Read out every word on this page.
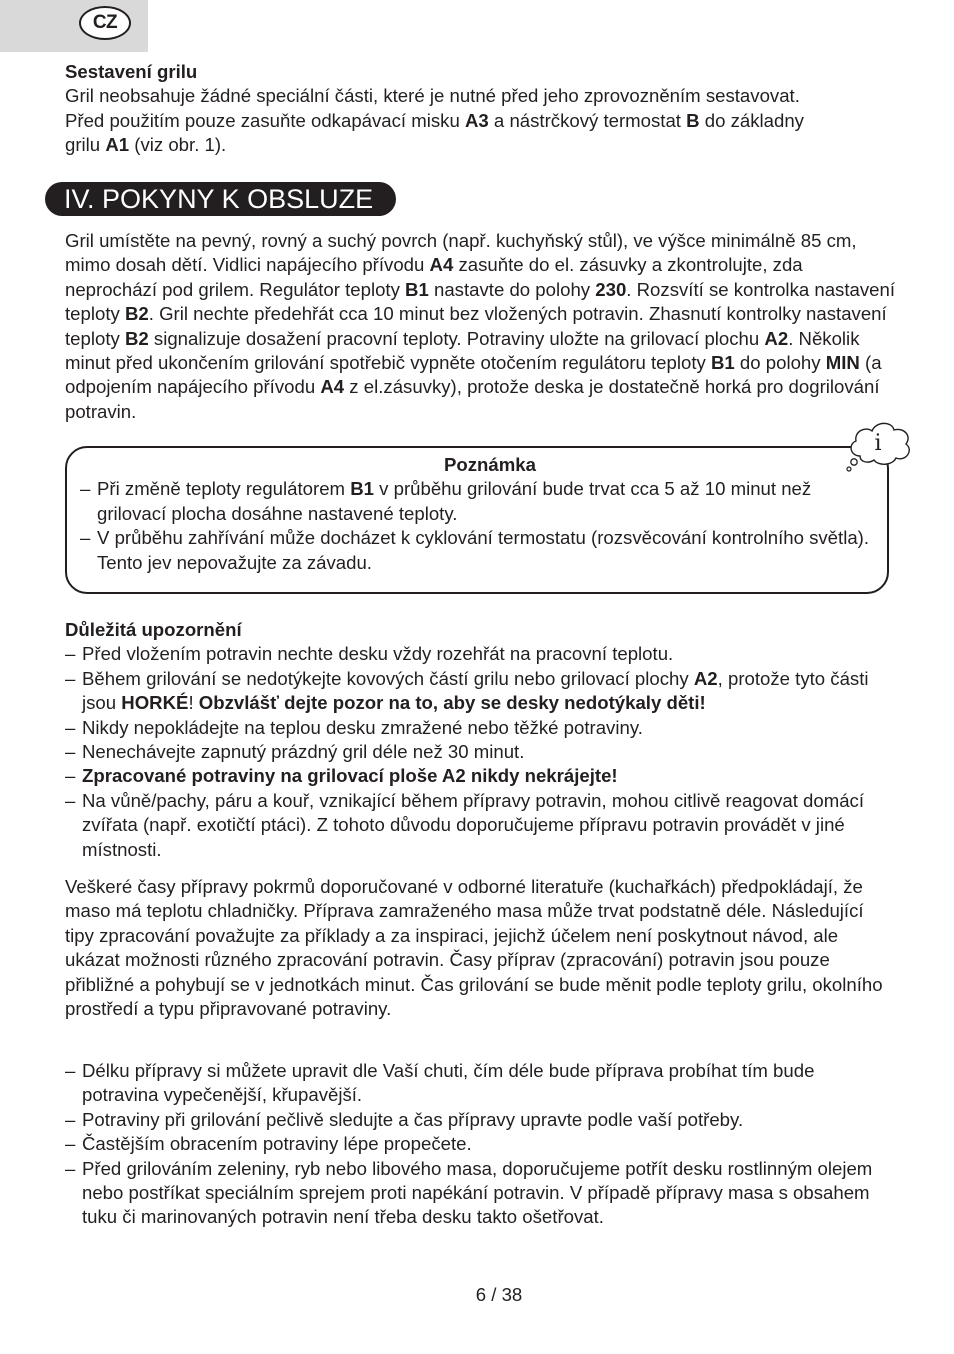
CZ

Sestavení grilu

Gril neobsahuje žádné speciální části, které je nutné před jeho zprovozněním sestavovat.

Před použitím pouze zasuňte odkapávací misku A3 a nástrčkový termostat B do základny

grilu A1 (viz obr. 1).

IV. POKYNY K OBSLUZE

Gril umístěte na pevný, rovný a suchý povrch (např. kuchyňský stůl), ve výšce minimálně 85 cm, mimo dosah dětí. Vidlici napájecího přívodu A4 zasuňte do el. zásuvky a zkontrolujte, zda neprochází pod grilem. Regulátor teploty B1 nastavte do polohy 230. Rozsvítí se kontrolka nastavení teploty B2. Gril nechte předehřát cca 10 minut bez vložených potravin. Zhasnutí kontrolky nastavení teploty B2 signalizuje dosažení pracovní teploty. Potraviny uložte na grilovací plochu A2. Několik minut před ukončením grilování spotřebič vypněte otočením regulátoru teploty B1 do polohy MIN (a odpojením napájecího přívodu A4 z el.zásuvky), protože deska je dostatečně horká pro dogrilování potravin.

i

Poznámka

– Při změně teploty regulátorem B1 v průběhu grilování bude trvat cca 5 až 10 minut než grilovací plocha dosáhne nastavené teploty.
– V průběhu zahřívání může docházet k cyklování termostatu (rozsvěcování kontrolního světla). Tento jev nepovažujte za závadu.

Důležitá upozornění

– Před vložením potravin nechte desku vždy rozehřát na pracovní teplotu.
– Během grilování se nedotýkejte kovových částí grilu nebo grilovací plochy A2, protože tyto části jsou HORKÉ! Obzvlášť dejte pozor na to, aby se desky nedotýkaly děti!
– Nikdy nepokládejte na teplou desku zmražené nebo těžké potraviny.
– Nenechávejte zapnutý prázdný gril déle než 30 minut.
– Zpracované potraviny na grilovací ploše A2 nikdy nekrájejte!
– Na vůně/pachy, páru a kouř, vznikající během přípravy potravin, mohou citlivě reagovat domácí zvířata (např. exotičtí ptáci). Z tohoto důvodu doporučujeme přípravu potravin provádět v jiné místnosti.

Veškeré časy přípravy pokrmů doporučované v odborné literatuře (kuchařkách) předpokládají, že maso má teplotu chladničky. Příprava zamraženého masa může trvat podstatně déle. Následující tipy zpracování považujte za příklady a za inspiraci, jejichž účelem není poskytnout návod, ale ukázat možnosti různého zpracování potravin. Časy příprav (zpracování) potravin jsou pouze přibližné a pohybují se v jednotkách minut. Čas grilování se bude měnit podle teploty grilu, okolního prostředí a typu připravované potraviny.

– Délku přípravy si můžete upravit dle Vaší chuti, čím déle bude příprava probíhat tím bude potravina vypečenější, křupavější.
– Potraviny při grilování pečlivě sledujte a čas přípravy upravte podle vaší potřeby.
– Častějším obracením potraviny lépe propečete.
– Před grilováním zeleniny, ryb nebo libového masa, doporučujeme potřít desku rostlinným olejem nebo postříkat speciálním sprejem proti napékání potravin. V případě přípravy masa s obsahem tuku či marinovaných potravin není třeba desku takto ošetřovat.
6 / 38
